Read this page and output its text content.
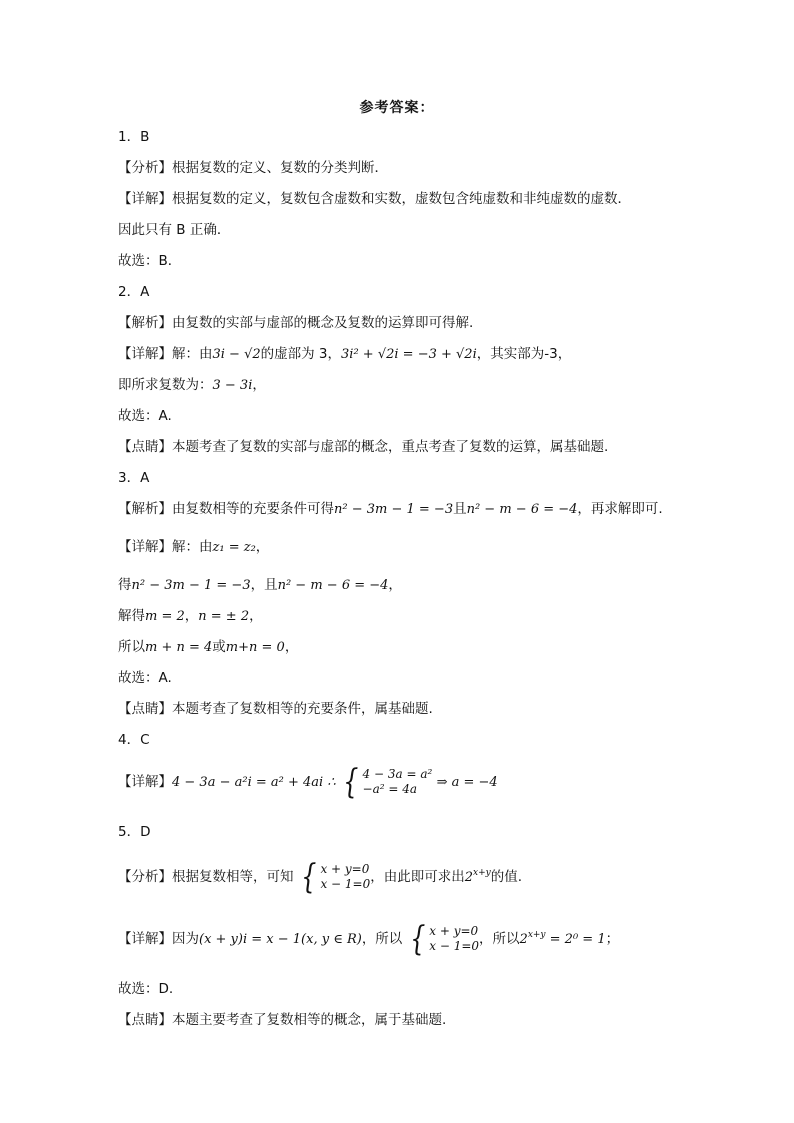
参考答案：
1．B
【分析】根据复数的定义、复数的分类判断．
【详解】根据复数的定义，复数包含虚数和实数，虚数包含纯虚数和非纯虚数的虚数．
因此只有 B 正确．
故选：B．
2．A
【解析】由复数的实部与虚部的概念及复数的运算即可得解.
故选：A.
【点睛】本题考查了复数的实部与虚部的概念，重点考查了复数的运算，属基础题.
3．A
故选：A.
【点睛】本题考查了复数相等的充要条件，属基础题.
4．C
5．D
故选：D.
【点睛】本题主要考查了复数相等的概念，属于基础题.
【详解】解：由3i − √2的虚部为 3，3i² + √2i = −3 + √2i，其实部为-3，
即所求复数为：3 − 3i，
【解析】由复数相等的充要条件可得n² − 3m − 1 = −3且n² − m − 6 = −4，再求解即可.
【详解】解：由z₁ = z₂，
得n² − 3m − 1 = −3，且n² − m − 6 = −4，
解得m = 2，n = ± 2，
所以m + n = 4或m+n = 0，
【详解】4 − 3a − a²i = a² + 4ai ∴ { 4 − 3a = a²
−a² = 4a	⇒ a = −4
【分析】根据复数相等，可知 { x + y=0
x − 1=0 ，由此即可求出$2^{x+y}$的值.
【详解】因为(x + y)i = x − 1(x, y ∈ R)，所以 { x + y=0
x − 1=0 ，所以$2^{x+y} = 2^0 = 1$；
